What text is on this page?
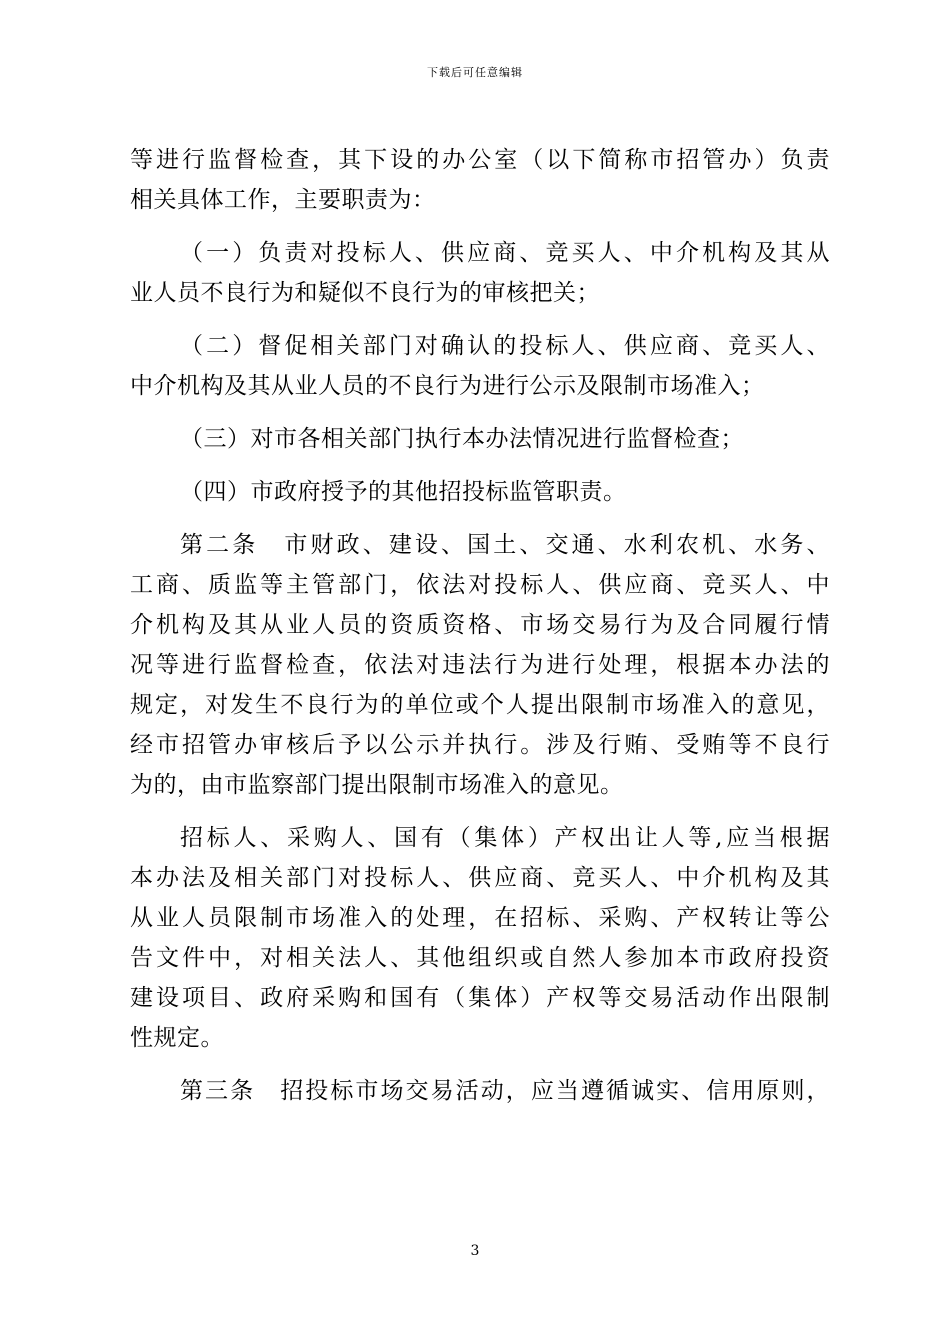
下载后可任意编辑
等进行监督检查，其下设的办公室（以下简称市招管办）负责
相关具体工作，主要职责为：
（一）负责对投标人、供应商、竞买人、中介机构及其从
业人员不良行为和疑似不良行为的审核把关；
（二）督促相关部门对确认的投标人、供应商、竞买人、
中介机构及其从业人员的不良行为进行公示及限制市场准入；
（三）对市各相关部门执行本办法情况进行监督检查；
（四）市政府授予的其他招投标监管职责。
第二条　市财政、建设、国土、交通、水利农机、水务、
工商、质监等主管部门，依法对投标人、供应商、竞买人、中
介机构及其从业人员的资质资格、市场交易行为及合同履行情
况等进行监督检查，依法对违法行为进行处理，根据本办法的
规定，对发生不良行为的单位或个人提出限制市场准入的意见，
经市招管办审核后予以公示并执行。涉及行贿、受贿等不良行
为的，由市监察部门提出限制市场准入的意见。
招标人、采购人、国有（集体）产权出让人等,应当根据
本办法及相关部门对投标人、供应商、竞买人、中介机构及其
从业人员限制市场准入的处理，在招标、采购、产权转让等公
告文件中，对相关法人、其他组织或自然人参加本市政府投资
建设项目、政府采购和国有（集体）产权等交易活动作出限制
性规定。
第三条　招投标市场交易活动，应当遵循诚实、信用原则，
3
